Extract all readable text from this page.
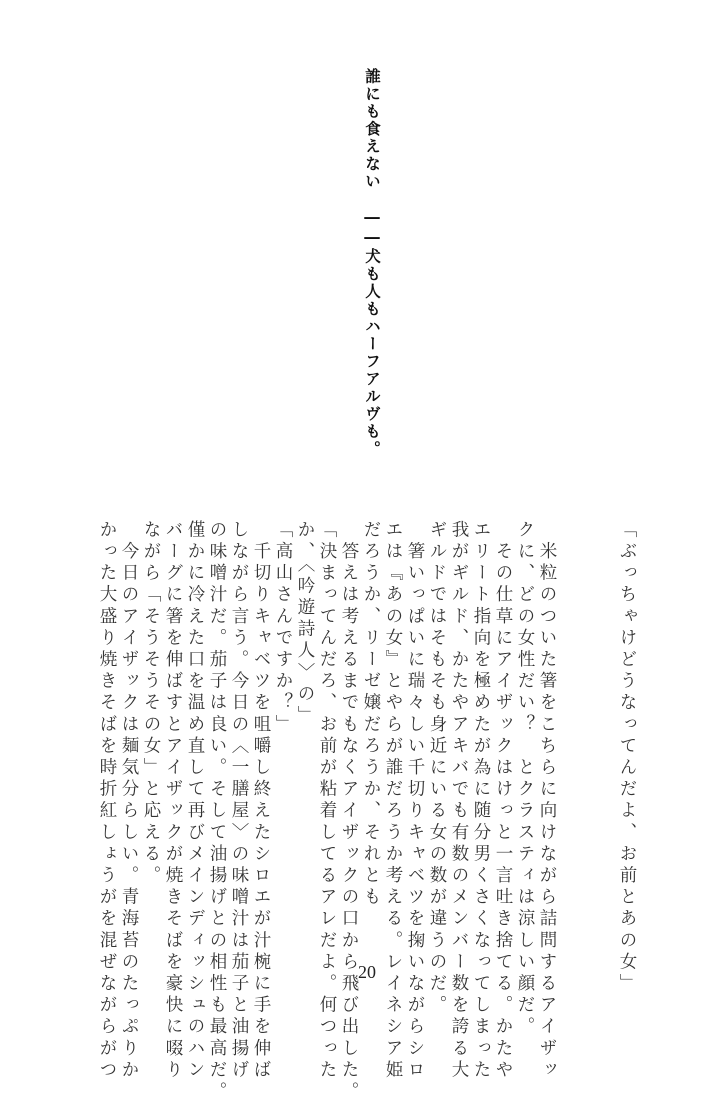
誰にも食えない　――犬も人もハーフアルヴも。
「ぶっちゃけどうなってんだよ、お前とあの女」
　米粒のついた箸をこちらに向けながら詰問するアイザッ
クに、どの女性だい？　とクラスティは涼しい顔だ。
　その仕草にアイザックはけっと一言吐き捨てる。かたや
エリート指向を極めたが為に随分男くさくなってしまった
我がギルド、かたやアキバでも有数のメンバー数を誇る大
ギルドではそもそも身近にいる女の数が違うのだ。
　箸いっぱいに瑞々しい千切りキャベツを掬いながらシロ
エは『あの女』とやらが誰だろうか考える。レイネシア姫
だろうか、リーゼ嬢だろうか、それとも
　答えは考えるまでもなくアイザックの口から飛び出した。
「決まってんだろ、お前が粘着してるアレだよ。何つった
か、〈吟遊詩人〉の」
「高山さんですか？」
　千切りキャベツを咀嚼し終えたシロエが汁椀に手を伸ば
しながら言う。今日の〈一膳屋〉の味噌汁は茄子と油揚げ
の味噌汁だ。茄子は良い。そして油揚げとの相性も最高だ。
僅かに冷えた口を温め直して再びメインディッシュのハン
バーグに箸を伸ばすとアイザックが焼きそばを豪快に啜り
ながら「そうそうその女」と応える。
　今日のアイザックは麺気分らしい。青海苔のたっぷりか
かった大盛り焼きそばを時折紅しょうがを混ぜながらがつ	20
